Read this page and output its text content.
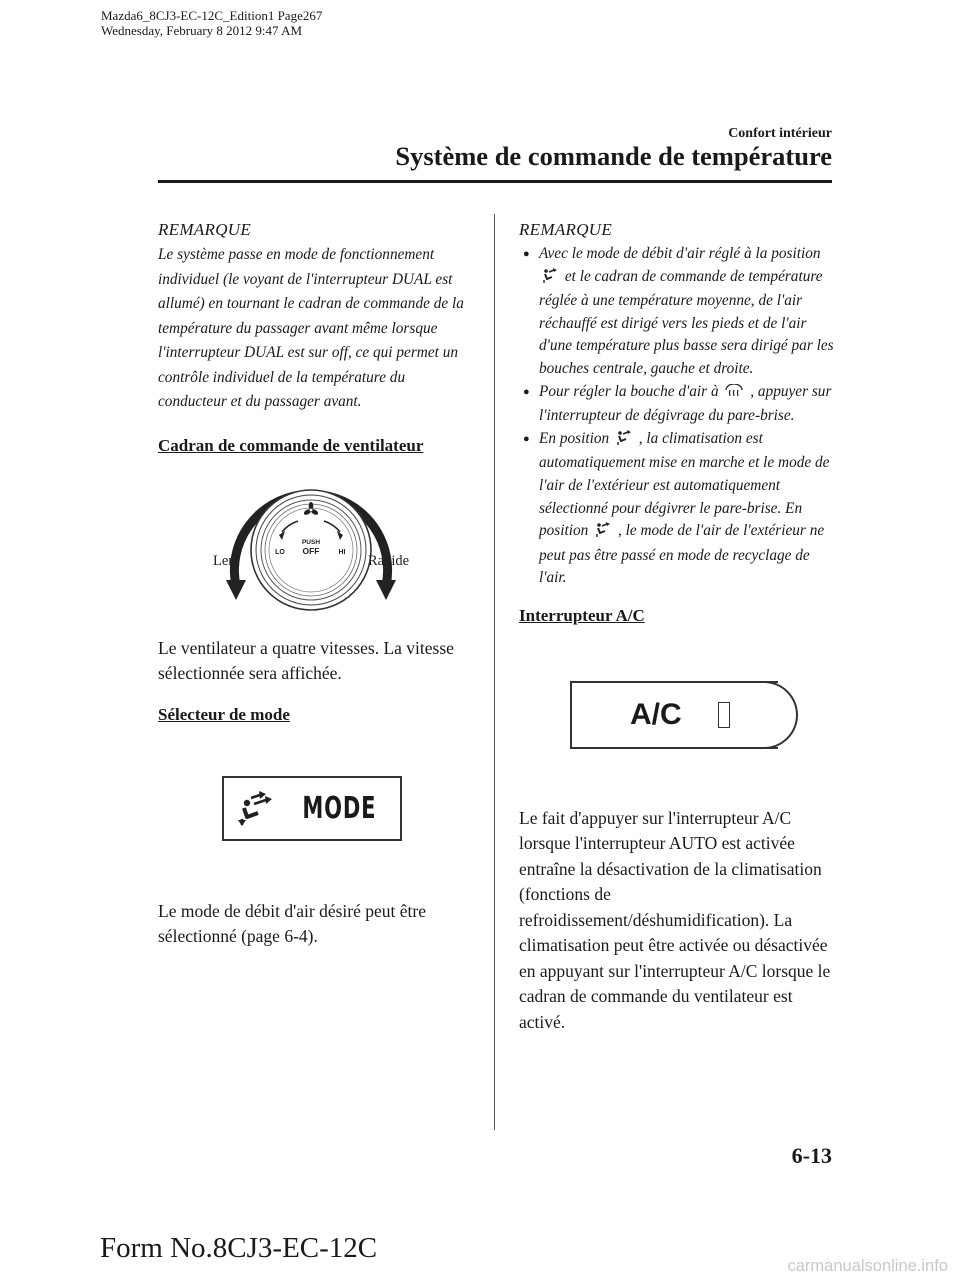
Mazda6_8CJ3-EC-12C_Edition1 Page267
Wednesday, February 8 2012 9:47 AM
Confort intérieur
Système de commande de température
REMARQUE

Le système passe en mode de fonctionnement individuel (le voyant de l'interrupteur DUAL est allumé) en tournant le cadran de commande de la température du passager avant même lorsque l'interrupteur DUAL est sur off, ce qui permet un contrôle individuel de la température du conducteur et du passager avant.

Cadran de commande de ventilateur
PUSH
OFF
LO	HI
Lent	Rapide

Le ventilateur a quatre vitesses. La vitesse sélectionnée sera affichée.

Sélecteur de mode
MODE

Le mode de débit d'air désiré peut être sélectionné (page 6-4).

REMARQUE
● Avec le mode de débit d'air réglé à la position  et le cadran de commande de température réglée à une température moyenne, de l'air réchauffé est dirigé vers les pieds et de l'air d'une température plus basse sera dirigé par les bouches centrale, gauche et droite.
● Pour régler la bouche d'air à  , appuyer sur l'interrupteur de dégivrage du pare-brise.
● En position  , la climatisation est automatiquement mise en marche et le mode de l'air de l'extérieur est automatiquement sélectionné pour dégivrer le pare-brise. En position  , le mode de l'air de l'extérieur ne peut pas être passé en mode de recyclage de l'air.
Interrupteur A/C
A/C

Le fait d'appuyer sur l'interrupteur A/C lorsque l'interrupteur AUTO est activée entraîne la désactivation de la climatisation (fonctions de refroidissement/déshumidification). La climatisation peut être activée ou désactivée en appuyant sur l'interrupteur A/C lorsque le cadran de commande du ventilateur est activé.

6-13
Form No.8CJ3-EC-12C
carmanualsonline.info
